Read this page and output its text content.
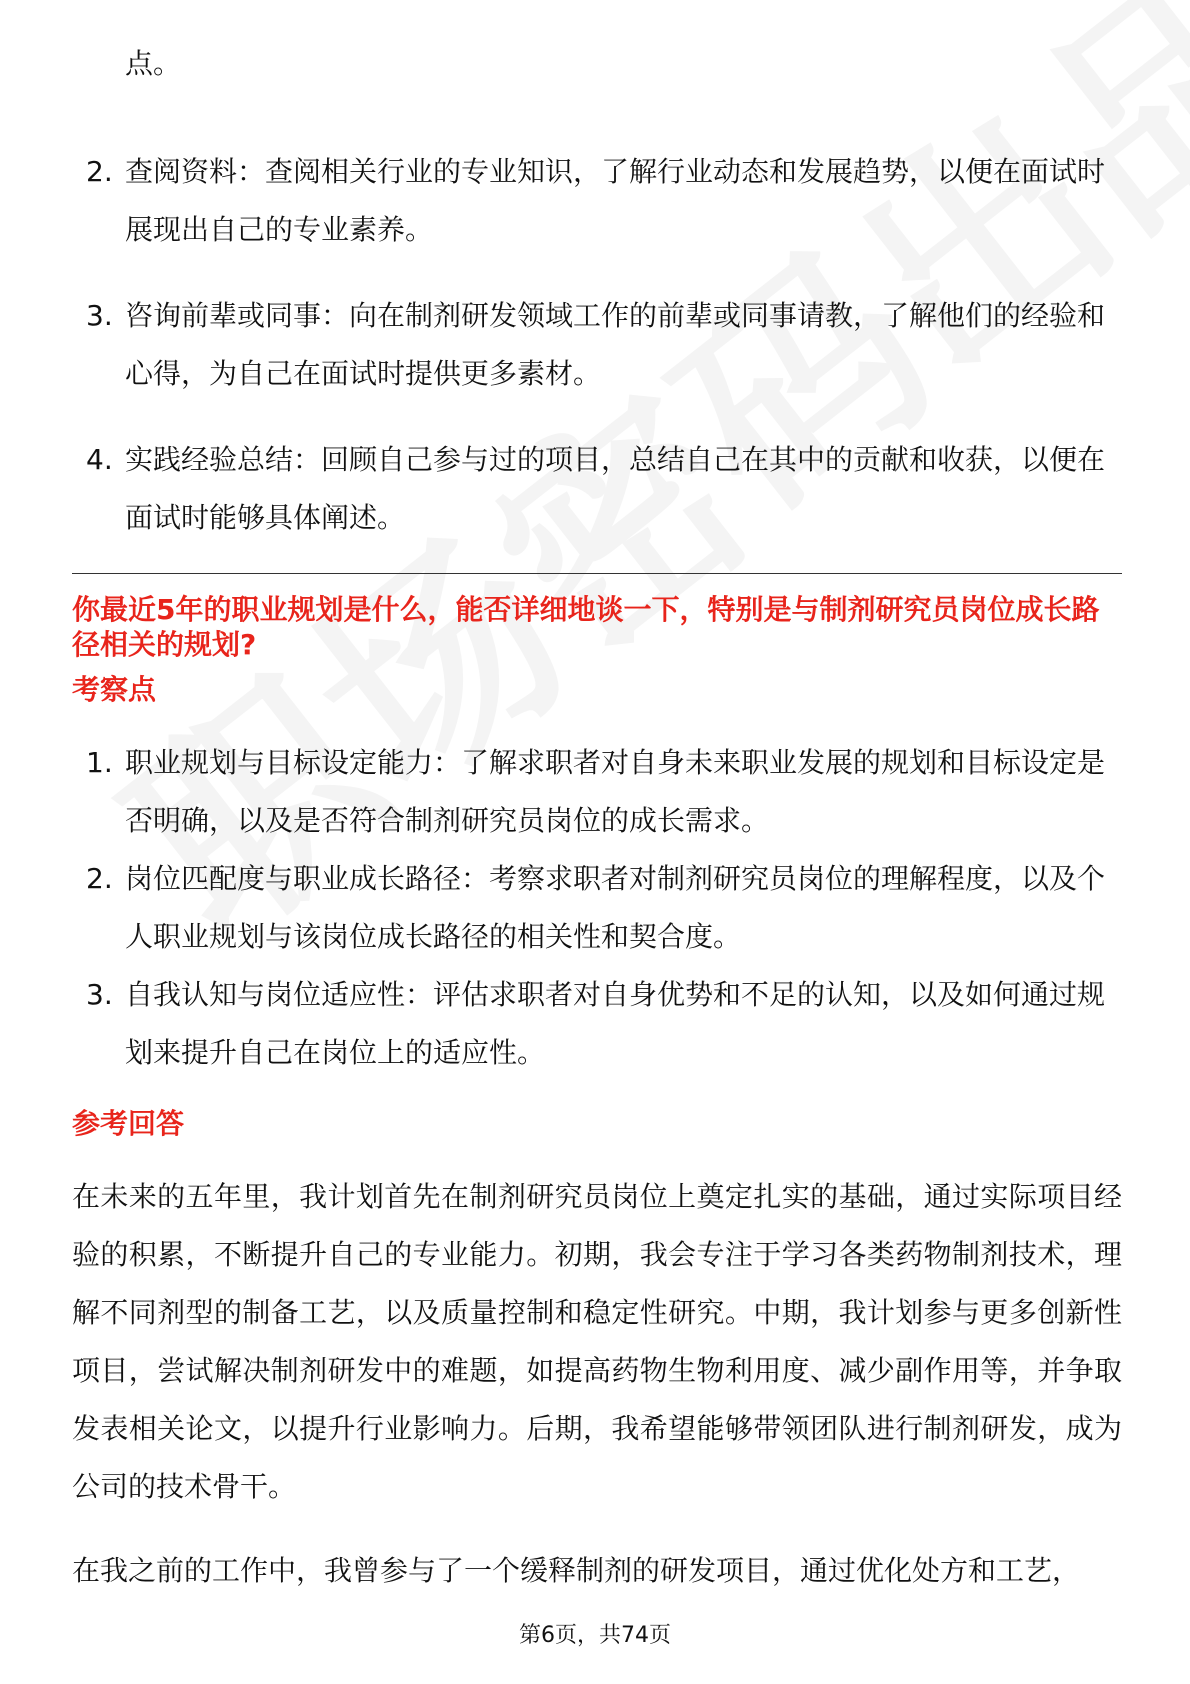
点。
2. 查阅资料：查阅相关行业的专业知识，了解行业动态和发展趋势，以便在面试时展现出自己的专业素养。
3. 咨询前辈或同事：向在制剂研发领域工作的前辈或同事请教，了解他们的经验和心得，为自己在面试时提供更多素材。
4. 实践经验总结：回顾自己参与过的项目，总结自己在其中的贡献和收获，以便在面试时能够具体阐述。
你最近5年的职业规划是什么，能否详细地谈一下，特别是与制剂研究员岗位成长路径相关的规划?
考察点
1. 职业规划与目标设定能力：了解求职者对自身未来职业发展的规划和目标设定是否明确，以及是否符合制剂研究员岗位的成长需求。
2. 岗位匹配度与职业成长路径：考察求职者对制剂研究员岗位的理解程度，以及个人职业规划与该岗位成长路径的相关性和契合度。
3. 自我认知与岗位适应性：评估求职者对自身优势和不足的认知，以及如何通过规划来提升自己在岗位上的适应性。
参考回答
在未来的五年里，我计划首先在制剂研究员岗位上奠定扎实的基础，通过实际项目经验的积累，不断提升自己的专业能力。初期，我会专注于学习各类药物制剂技术，理解不同剂型的制备工艺，以及质量控制和稳定性研究。中期，我计划参与更多创新性项目，尝试解决制剂研发中的难题，如提高药物生物利用度、减少副作用等，并争取发表相关论文，以提升行业影响力。后期，我希望能够带领团队进行制剂研发，成为公司的技术骨干。
在我之前的工作中，我曾参与了一个缓释制剂的研发项目，通过优化处方和工艺，
第6页，共74页
